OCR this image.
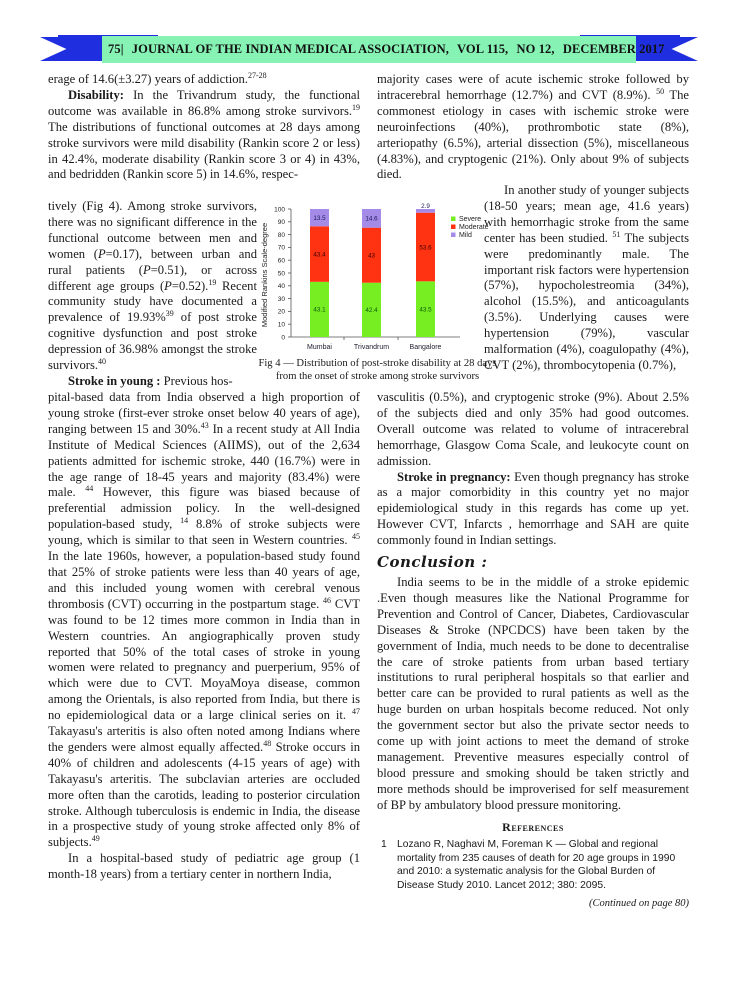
75| JOURNAL OF THE INDIAN MEDICAL ASSOCIATION, VOL 115, NO 12, DECEMBER 2017

erage of 14.6(±3.27) years of addiction.$^{27-28}$

Disability: In the Trivandrum study, the functional outcome was available in 86.8% among stroke survivors.$^{19}$ The distributions of functional outcomes at 28 days among stroke survivors were mild disability (Rankin score 2 or less) in 42.4%, moderate disability (Rankin score 3 or 4) in 43%, and bedridden (Rankin score 5) in 14.6%, respec-

tively (Fig 4). Among stroke survivors, there was no significant difference in the functional outcome between men and women (P=0.17), between urban and rural patients (P=0.51), or across different age groups (P=0.52).$^{19}$ Recent community study have documented a prevalence of 19.93%$^{39}$ of post stroke cognitive dysfunction and post stroke depression of 36.98% amongst the stroke survivors.$^{40}$

Stroke in young : Previous hos-

pital-based data from India observed a high proportion of young stroke (first-ever stroke onset below 40 years of age), ranging between 15 and 30%.$^{43}$ In a recent study at All India Institute of Medical Sciences (AIIMS), out of the 2,634 patients admitted for ischemic stroke, 440 (16.7%) were in the age range of 18-45 years and majority (83.4%) were male. $^{44}$ However, this figure was biased because of preferential admission policy. In the well-designed population-based study, $^{14}$ 8.8% of stroke subjects were young, which is similar to that seen in Western countries. $^{45}$ In the late 1960s, however, a population-based study found that 25% of stroke patients were less than 40 years of age, and this included young women with cerebral venous thrombosis (CVT) occurring in the postpartum stage. $^{46}$ CVT was found to be 12 times more common in India than in Western countries. An angiographically proven study reported that 50% of the total cases of stroke in young women were related to pregnancy and puerperium, 95% of which were due to CVT. MoyaMoya disease, common among the Orientals, is also reported from India, but there is no epidemiological data or a large clinical series on it. $^{47}$ Takayasu's arteritis is also often noted among Indians where the genders were almost equally affected.$^{48}$ Stroke occurs in 40% of children and adolescents (4-15 years of age) with Takayasu's arteritis. The subclavian arteries are occluded more often than the carotids, leading to posterior circulation stroke. Although tuberculosis is endemic in India, the disease in a prospective study of young stroke affected only 8% of subjects.$^{49}$

In a hospital-based study of pediatric age group (1 month-18 years) from a tertiary center in northern India,

Modified Rankins Scale-degree
0
10
20
30
40
50
60
70
80
90
100
43.1
43.4
13.5
42.4
43
14.6
43.5
53.6
2.9
Mumbai	Trivandrum	Bangalore
Severe
Moderate
Mild
Fig 4 — Distribution of post-stroke disability at 28 days from the onset of stroke among stroke survivors

majority cases were of acute ischemic stroke followed by intracerebral hemorrhage (12.7%) and CVT (8.9%). $^{50}$ The commonest etiology in cases with ischemic stroke were neuroinfections (40%), prothrombotic state (8%), arteriopathy (6.5%), arterial dissection (5%), miscellaneous (4.83%), and cryptogenic (21%). Only about 9% of subjects died.

In another study of younger subjects (18-50 years; mean age, 41.6 years) with hemorrhagic stroke from the same center has been studied. $^{51}$ The subjects were predominantly male. The important risk factors were hypertension (57%), hypocholestreomia (34%), alcohol (15.5%), and anticoagulants (3.5%). Underlying causes were hypertension (79%), vascular malformation (4%), coagulopathy (4%), CVT (2%), thrombocytopenia (0.7%),

vasculitis (0.5%), and cryptogenic stroke (9%). About 2.5% of the subjects died and only 35% had good outcomes. Overall outcome was related to volume of intracerebral hemorrhage, Glasgow Coma Scale, and leukocyte count on admission.

Stroke in pregnancy: Even though pregnancy has stroke as a major comorbidity in this country yet no major epidemiological study in this regards has come up yet. However CVT, Infarcts , hemorrhage and SAH are quite commonly found in Indian settings.

Conclusion :

India seems to be in the middle of a stroke epidemic .Even though measures like the National Programme for Prevention and Control of Cancer, Diabetes, Cardiovascular Diseases & Stroke (NPCDCS) have been taken by the government of India, much needs to be done to decentralise the care of stroke patients from urban based tertiary institutions to rural peripheral hospitals so that earlier and better care can be provided to rural patients as well as the huge burden on urban hospitals become reduced. Not only the government sector but also the private sector needs to come up with joint actions to meet the demand of stroke management. Preventive measures especially control of blood pressure and smoking should be taken strictly and more methods should be improverised for self measurement of BP by ambulatory blood pressure monitoring.

References
1 Lozano R, Naghavi M, Foreman K — Global and regional mortality from 235 causes of death for 20 age groups in 1990 and 2010: a systematic analysis for the Global Burden of Disease Study 2010. Lancet 2012; 380: 2095.
(Continued on page 80)
